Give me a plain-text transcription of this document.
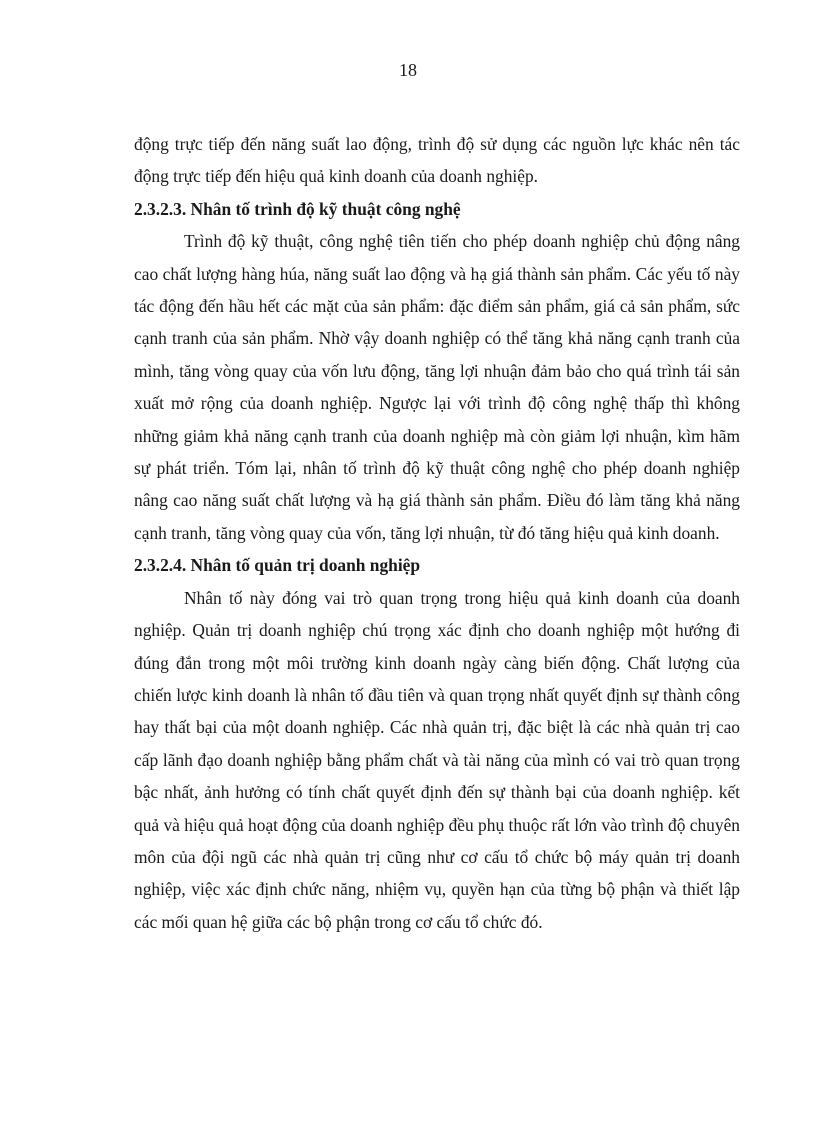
18

động trực tiếp đến năng suất lao động, trình độ sử dụng các nguồn lực khác nên tác động trực tiếp đến hiệu quả kinh doanh của doanh nghiệp.

2.3.2.3. Nhân tố trình độ kỹ thuật công nghệ

Trình độ kỹ thuật, công nghệ tiên tiến cho phép doanh nghiệp chủ động nâng cao chất lượng hàng húa, năng suất lao động và hạ giá thành sản phẩm. Các yếu tố này tác động đến hầu hết các mặt của sản phẩm: đặc điểm sản phẩm, giá cả sản phẩm, sức cạnh tranh của sản phẩm. Nhờ vậy doanh nghiệp có thể tăng khả năng cạnh tranh của mình, tăng vòng quay của vốn lưu động, tăng lợi nhuận đảm bảo cho quá trình tái sản xuất mở rộng của doanh nghiệp. Ngược lại với trình độ công nghệ thấp thì không những giảm khả năng cạnh tranh của doanh nghiệp mà còn giảm lợi nhuận, kìm hãm sự phát triển. Tóm lại, nhân tố trình độ kỹ thuật công nghệ cho phép doanh nghiệp nâng cao năng suất chất lượng và hạ giá thành sản phẩm. Điều đó làm tăng khả năng cạnh tranh, tăng vòng quay của vốn, tăng lợi nhuận, từ đó tăng hiệu quả kinh doanh.

2.3.2.4. Nhân tố quản trị doanh nghiệp

Nhân tố này đóng vai trò quan trọng trong hiệu quả kinh doanh của doanh nghiệp. Quản trị doanh nghiệp chú trọng xác định cho doanh nghiệp một hướng đi đúng đắn trong một môi trường kinh doanh ngày càng biến động. Chất lượng của chiến lược kinh doanh là nhân tố đầu tiên và quan trọng nhất quyết định sự thành công hay thất bại của một doanh nghiệp. Các nhà quản trị, đặc biệt là các nhà quản trị cao cấp lãnh đạo doanh nghiệp bằng phẩm chất và tài năng của mình có vai trò quan trọng bậc nhất, ảnh hưởng có tính chất quyết định đến sự thành bại của doanh nghiệp. kết quả và hiệu quả hoạt động của doanh nghiệp đều phụ thuộc rất lớn vào trình độ chuyên môn của đội ngũ các nhà quản trị cũng như cơ cấu tổ chức bộ máy quản trị doanh nghiệp, việc xác định chức năng, nhiệm vụ, quyền hạn của từng bộ phận và thiết lập các mối quan hệ giữa các bộ phận trong cơ cấu tổ chức đó.
